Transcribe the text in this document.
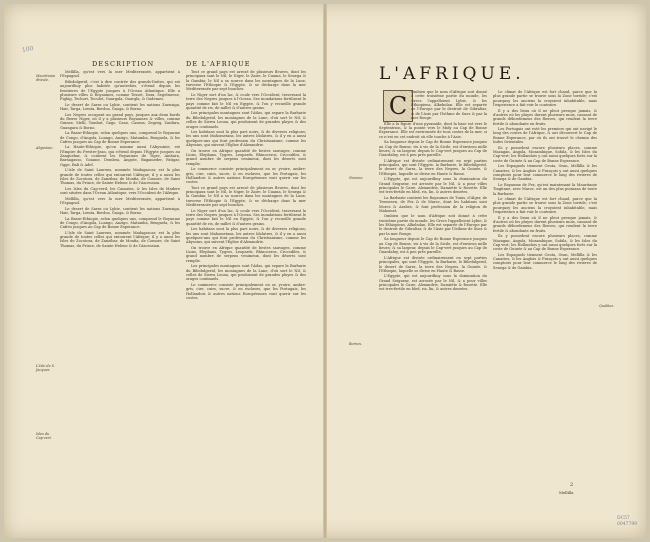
100
DESCRIPTION	DE L'AFRIQUE
Mauritania divisée.
Abyssinie.
L'Isle de S. Jacques.
Isles du Cap-vert.

Mellilla, qu'est vers la mer Mediterranée, appartient à l'Espagnol.

Biledulgerid, c'est à dire contrée des grands-Dattes, qui est aujourdhuy plus habitée qu'autrefois, s'étend depuis les frontieres de l'Egypte jusques à l'Ocean Atlantique. Elle a plusieurs villes & Royaumes, comme Tesset, Dara, Segelmesse, Fighig, Techort, Teculet, Guargala, Ouargla, & Gademes.

Le desert de Sarra ou Lybie, contient les nations Zuenziga, Hair, Targa, Lemta, Berdoa, Gaoga, & Borno.

Les Negres occupent un grand pays, jusques aux deux bords du fleuve Niger, où il y a plusieurs Royaumes & villes, comme Guinee, Melli, Tombut, Gago, Cano, Casena, Zegzeg, Zanfara, Guangara & Borno.

La Basse-Ethiopie, selon quelques uns, comprend le Royaume de Congo, d'Angola, Loango, Anzigo, Matamba, Benguela, & les Cafres jusques au Cap de Bonne Esperance.

La Haute-Ethiopie, qu'on nomme aussi l'Abyssinie, est l'Empire du Prestre-Jean, qui s'étend depuis l'Egypte jusques au Zanguebar, & contient les Royaumes de Tigre, Amhara, Barnagasso, Goiame, Dembea, Angote, Bagameder, Fatigar, Ogge, Bali & Adel.

L'Isle de Saint Laurens, nommée Madagascar, est la plus grande de toutes celles qui entourent l'Afrique; il y a aussi les Isles de Zocotora, de Zanzibar, de Monfia, de Comore, de Saint Thomas, du Prince, de Sainte Helene & de l'Ascension.

Les Isles du Cap-verd, les Canaries, & les Isles de Madere sont situées dans l'Ocean Atlantique, vers l'Occident de l'Afrique.

Mellilla, qu'est vers la mer Mediterranée, appartient à l'Espagnol.

Le desert de Sarra ou Lybie, contient les nations Zuenziga, Hair, Targa, Lemta, Berdoa, Gaoga, & Borno.

La Basse-Ethiopie, selon quelques uns, comprend le Royaume de Congo, d'Angola, Loango, Anzigo, Matamba, Benguela, & les Cafres jusques au Cap de Bonne Esperance.

L'Isle de Saint Laurens, nommée Madagascar, est la plus grande de toutes celles qui entourent l'Afrique; il y a aussi les Isles de Zocotora, de Zanzibar, de Monfia, de Comore, de Saint Thomas, du Prince, de Sainte Helene & de l'Ascension.

Tout ce grand pays est arrosé de plusieurs fleuves, dont les principaux sont le Nil, le Niger, le Zaire, le Cuama, le Senega & la Gambia; le Nil a sa source dans les montagnes de la Lune, traverse l'Ethiopie & l'Egypte, & se décharge dans la mer Mediterranée par sept bouches.

Le Niger sort d'un lac, & coule vers l'Occident, traversant la terre des Negres jusques à l'Ocean. Ses inondations fertilisent le pays comme fait le Nil en Egypte, & l'on y recueille grande quantité de ris, de millet & d'autres grains.

Les principales montagnes sont l'Atlas, qui separe la Barbarie du Biledulgerid, les montagnes de la Lune, d'où sort le Nil, & celles de Sierra Leona, qui produisent de grandes pluyes & des orages continuels.

Les habitans sont la plus part noirs, & de diverses religions; les uns sont Mahometans, les autres Idolatres, & il y en a aussi quelques-uns qui font profession du Christianisme, comme les Abyssins, qui suivent l'Eglise d'Alexandrie.

On trouve en Afrique quantité de bestes sauvages, comme Lions, Elephans, Tygres, Leopards, Rhinoceros, Crocodiles, & grand nombre de serpens venimeux, dont les déserts sont remplis.

Le commerce consiste principalement en or, yvoire, ambre-gris, cire, cuirs, sucre, & en esclaves, que les Portugais, les Hollandois & autres nations Européennes vont querir sur les costes.

Tout ce grand pays est arrosé de plusieurs fleuves, dont les principaux sont le Nil, le Niger, le Zaire, le Cuama, le Senega & la Gambia; le Nil a sa source dans les montagnes de la Lune, traverse l'Ethiopie & l'Egypte, & se décharge dans la mer Mediterranée par sept bouches.

Le Niger sort d'un lac, & coule vers l'Occident, traversant la terre des Negres jusques à l'Ocean. Ses inondations fertilisent le pays comme fait le Nil en Egypte, & l'on y recueille grande quantité de ris, de millet & d'autres grains.

Les habitans sont la plus part noirs, & de diverses religions; les uns sont Mahometans, les autres Idolatres, & il y en a aussi quelques-uns qui font profession du Christianisme, comme les Abyssins, qui suivent l'Eglise d'Alexandrie.

On trouve en Afrique quantité de bestes sauvages, comme Lions, Elephans, Tygres, Leopards, Rhinoceros, Crocodiles, & grand nombre de serpens venimeux, dont les déserts sont remplis.

Les principales montagnes sont l'Atlas, qui separe la Barbarie du Biledulgerid, les montagnes de la Lune, d'où sort le Nil, & celles de Sierra Leona, qui produisent de grandes pluyes & des orages continuels.

Le commerce consiste principalement en or, yvoire, ambre-gris, cire, cuirs, sucre, & en esclaves, que les Portugais, les Hollandois & autres nations Européennes vont querir sur les costes.

L'AFRIQUE.
C
Nomme.
Bornes.
Qualitez.

Ombien que le nom d'Afrique soit donné à cette troisième partie du monde, les Grecs l'appelloient Lybie, & les Ethiopiens, Alkebulan. Elle est separée de l'Europe par le destroit de Gibraltar, & de l'Asie par l'Isthme de Suez & par la mer Rouge.

Elle a la figure d'une pyramide, dont la base est vers le Septentrion, & la pointe vers le Midy au Cap de Bonne Esperance. Elle est environnée de tous costez de la mer, si ce n'est en cet endroit où elle touche à l'Asie.

Sa longueur depuis le Cap de Bonne Esperance jusques au Cap de Bonne, vis à vis de la Sicile, est d'environ mille lieues; & sa largeur, depuis le Cap-vert jusques au Cap de Guardafuy, est à peu prés pareille.

L'Afrique est divisée ordinairement en sept parties principales, qui sont l'Egypte, la Barbarie, le Biledulgerid, le desert de Sarra, la terre des Negres, la Guinée, & l'Ethiopie, laquelle se divise en Haute & Basse.

L'Egypte, qui est aujourdhuy sous la domination du Grand Seigneur, est arrosée par le Nil, & a pour villes principales le Caire, Alexandrie, Damiette & Rosette. Elle est tres-fertile en bled, ris, lin, & autres denrées.

La Barbarie contient les Royaumes de Tunis, d'Alger, de Tremesen, de Fez & de Maroc, dont les habitans sont Mores & Arabes, & font profession de la religion de Mahomet.

Ombien que le nom d'Afrique soit donné à cette troisième partie du monde, les Grecs l'appelloient Lybie, & les Ethiopiens, Alkebulan. Elle est separée de l'Europe par le destroit de Gibraltar, & de l'Asie par l'Isthme de Suez & par la mer Rouge.

Sa longueur depuis le Cap de Bonne Esperance jusques au Cap de Bonne, vis à vis de la Sicile, est d'environ mille lieues; & sa largeur, depuis le Cap-vert jusques au Cap de Guardafuy, est à peu prés pareille.

L'Afrique est divisée ordinairement en sept parties principales, qui sont l'Egypte, la Barbarie, le Biledulgerid, le desert de Sarra, la terre des Negres, la Guinée, & l'Ethiopie, laquelle se divise en Haute & Basse.

L'Egypte, qui est aujourdhuy sous la domination du Grand Seigneur, est arrosée par le Nil, & a pour villes principales le Caire, Alexandrie, Damiette & Rosette. Elle est tres-fertile en bled, ris, lin, & autres denrées.

Le climat de l'Afrique est fort chaud, parce que la plus grande partie se trouve sous la Zone torride; c'est pourquoy les anciens la croyoient inhabitable, mais l'experience a fait voir le contraire.

Il y a des lieux où il ne pleut presque jamais, & d'autres où les pluyes durent plusieurs mois, causant de grands débordemens des fleuves, qui rendent la terre fertile & abondante en fruits.

Les Portugais ont esté les premiers qui ont navigé le long des costes de l'Afrique, & ont découvert le Cap de Bonne Esperance, par où ils ont trouvé le chemin des Indes Orientales.

Ils y possedent encore plusieurs places, comme Mazagan, Angola, Mozambique, Sofala, & les Isles du Cap-vert; les Hollandois y ont aussi quelques forts sur la coste de Guinée & au Cap de Bonne Esperance.

Les Espagnols tiennent Ceuta, Oran, Mellilla & les Canaries; & les Anglois & François y ont aussi quelques comptoirs pour leur commerce le long des rivieres de Senega & de Gambia.

Le Royaume de Fez, qu'est maintenant la Mauritanie Tingitane, avec Maroc, est un des plus puissans de toute la Barbarie.

Le climat de l'Afrique est fort chaud, parce que la plus grande partie se trouve sous la Zone torride; c'est pourquoy les anciens la croyoient inhabitable, mais l'experience a fait voir le contraire.

Il y a des lieux où il ne pleut presque jamais, & d'autres où les pluyes durent plusieurs mois, causant de grands débordemens des fleuves, qui rendent la terre fertile & abondante en fruits.

Ils y possedent encore plusieurs places, comme Mazagan, Angola, Mozambique, Sofala, & les Isles du Cap-vert; les Hollandois y ont aussi quelques forts sur la coste de Guinée & au Cap de Bonne Esperance.

Les Espagnols tiennent Ceuta, Oran, Mellilla & les Canaries; & les Anglois & François y ont aussi quelques comptoirs pour leur commerce le long des rivieres de Senega & de Gambia.

2
Mellilla
DC57
0047799
